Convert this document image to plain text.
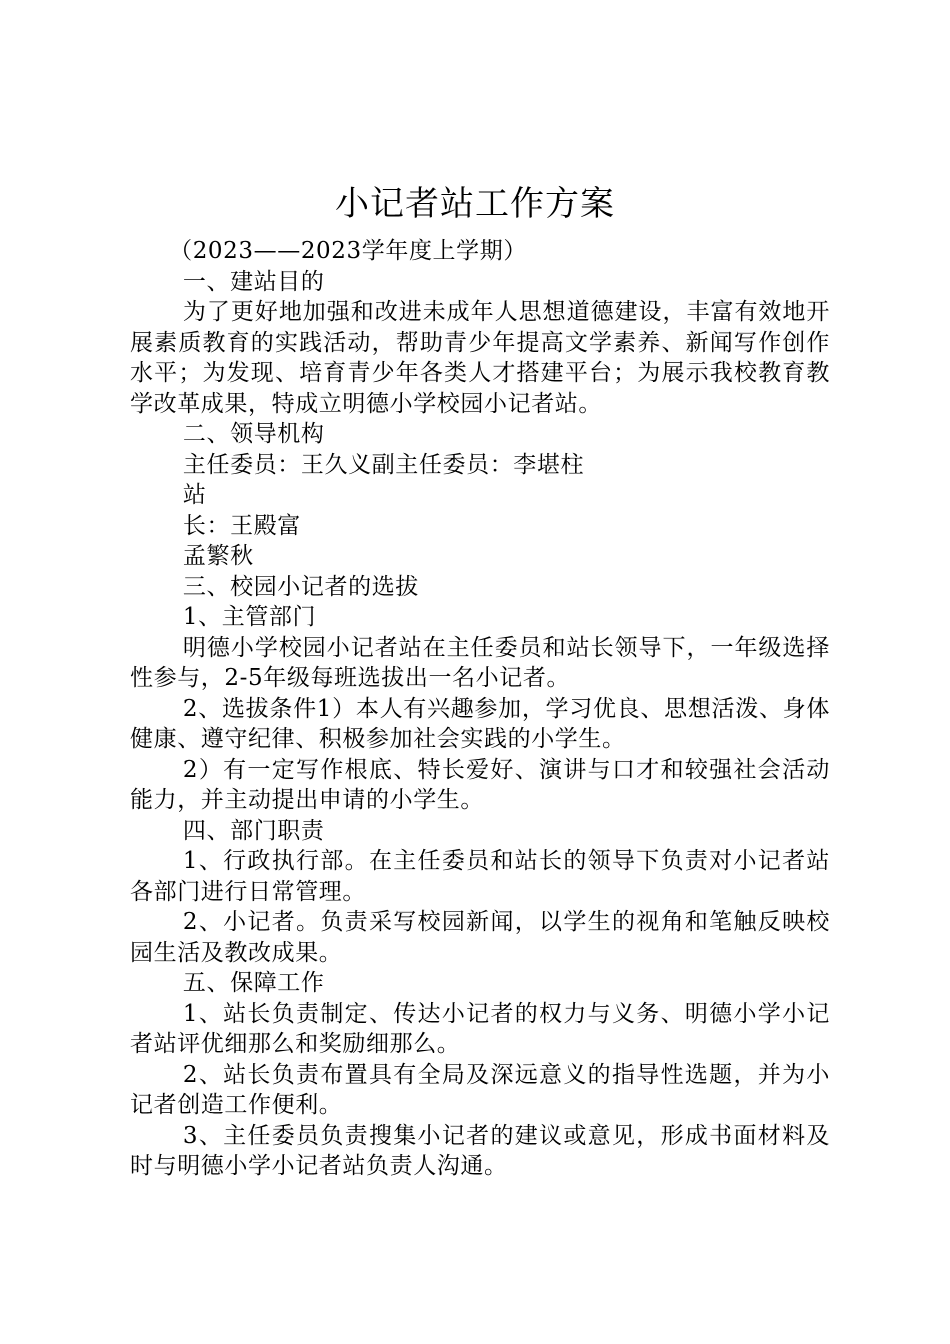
小记者站工作方案

（2023——2023学年度上学期）

一、建站目的

为了更好地加强和改进未成年人思想道德建设，丰富有效地开展素质教育的实践活动，帮助青少年提高文学素养、新闻写作创作水平；为发现、培育青少年各类人才搭建平台；为展示我校教育教学改革成果，特成立明德小学校园小记者站。

二、领导机构

主任委员：王久义副主任委员：李堪柱

站

长：王殿富

孟繁秋

三、校园小记者的选拔

1、主管部门

明德小学校园小记者站在主任委员和站长领导下，一年级选择性参与，2-5年级每班选拔出一名小记者。

2、选拔条件1）本人有兴趣参加，学习优良、思想活泼、身体健康、遵守纪律、积极参加社会实践的小学生。

2）有一定写作根底、特长爱好、演讲与口才和较强社会活动能力，并主动提出申请的小学生。

四、部门职责

1、行政执行部。在主任委员和站长的领导下负责对小记者站各部门进行日常管理。

2、小记者。负责采写校园新闻，以学生的视角和笔触反映校园生活及教改成果。

五、保障工作

1、站长负责制定、传达小记者的权力与义务、明德小学小记者站评优细那么和奖励细那么。

2、站长负责布置具有全局及深远意义的指导性选题，并为小记者创造工作便利。

3、主任委员负责搜集小记者的建议或意见，形成书面材料及时与明德小学小记者站负责人沟通。
